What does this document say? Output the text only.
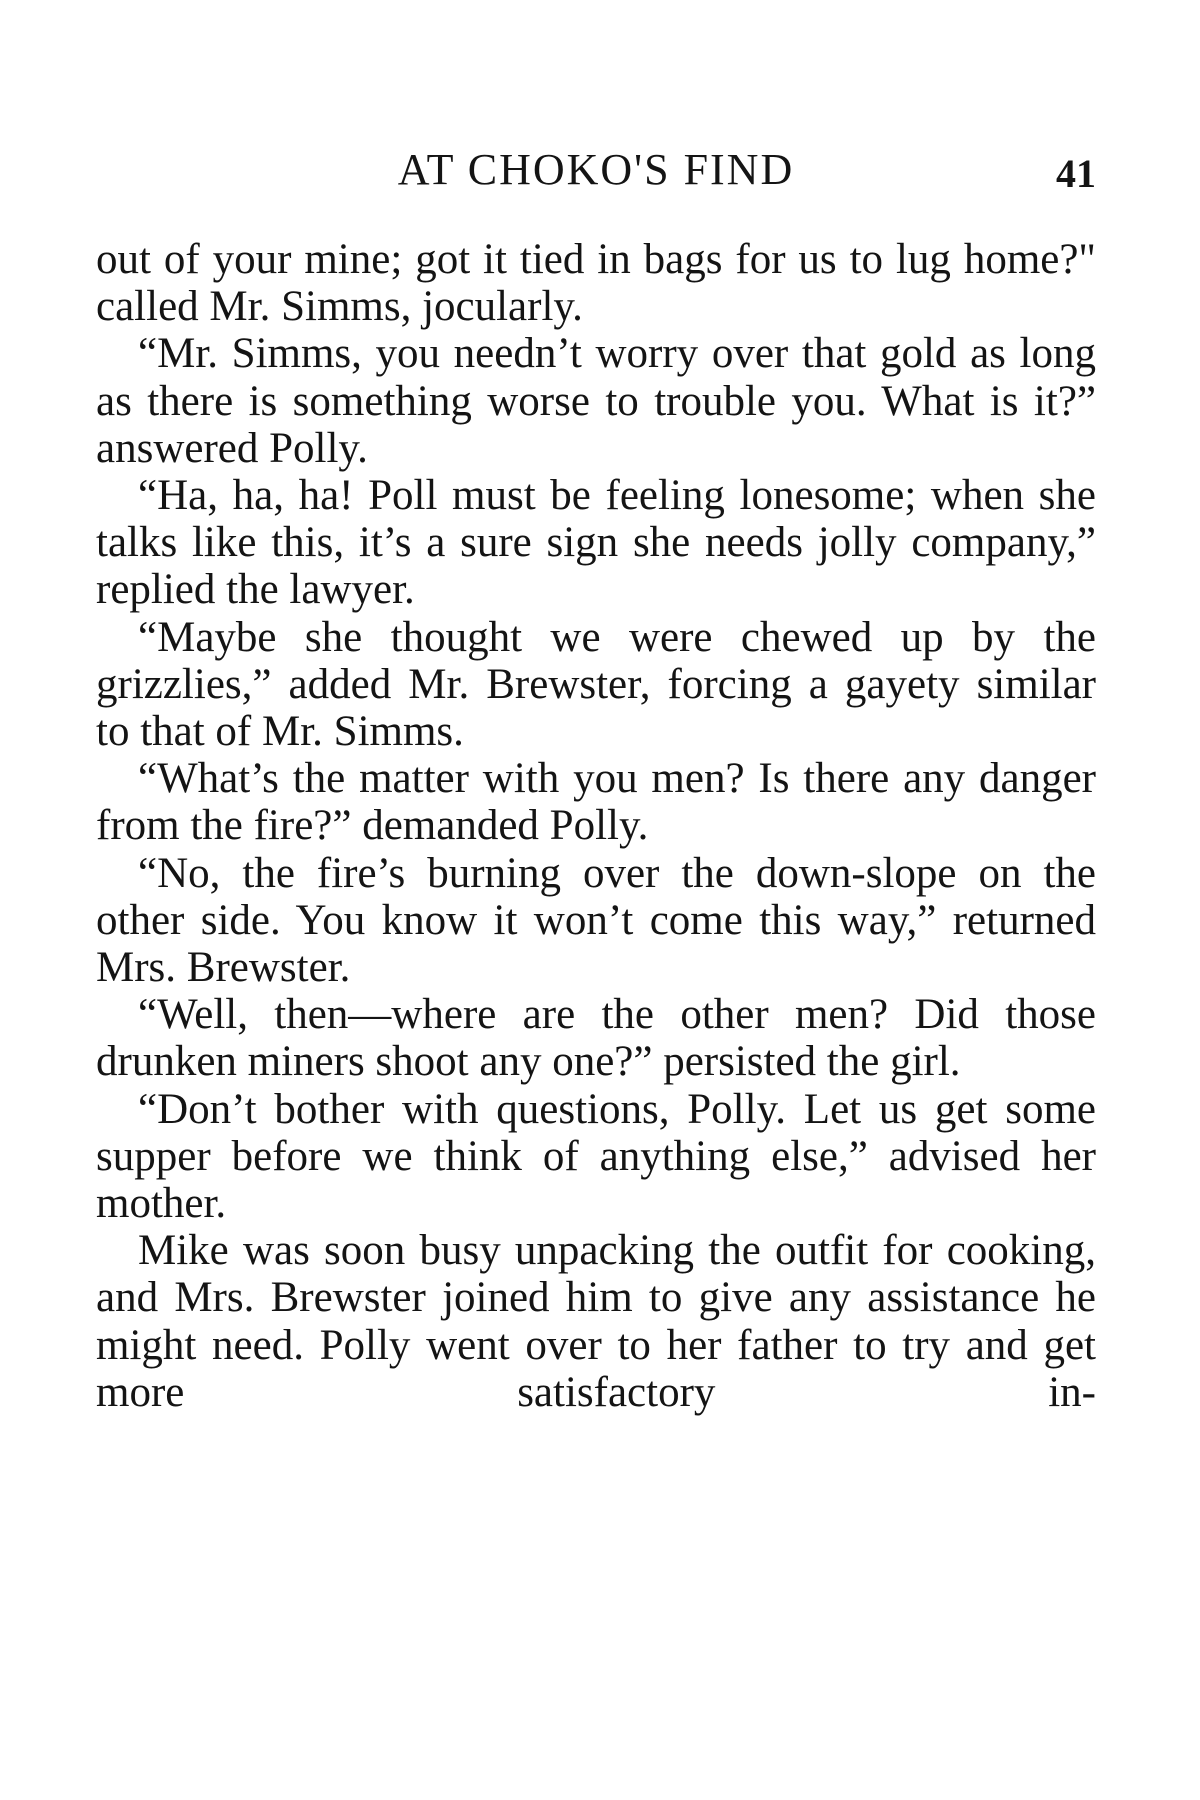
AT CHOKO'S FIND	41

out of your mine; got it tied in bags for us to lug home?" called Mr. Simms, jocularly.

“Mr. Simms, you needn’t worry over that gold as long as there is something worse to trouble you. What is it?” answered Polly.

“Ha, ha, ha! Poll must be feeling lonesome; when she talks like this, it’s a sure sign she needs jolly company,” replied the lawyer.

“Maybe she thought we were chewed up by the grizzlies,” added Mr. Brewster, forcing a gayety similar to that of Mr. Simms.

“What’s the matter with you men? Is there any danger from the fire?” demanded Polly.

“No, the fire’s burning over the down-slope on the other side. You know it won’t come this way,” returned Mrs. Brewster.

“Well, then—where are the other men? Did those drunken miners shoot any one?” persisted the girl.

“Don’t bother with questions, Polly. Let us get some supper before we think of anything else,” advised her mother.

Mike was soon busy unpacking the outfit for cooking, and Mrs. Brewster joined him to give any assistance he might need. Polly went over to her father to try and get more satisfactory in-
